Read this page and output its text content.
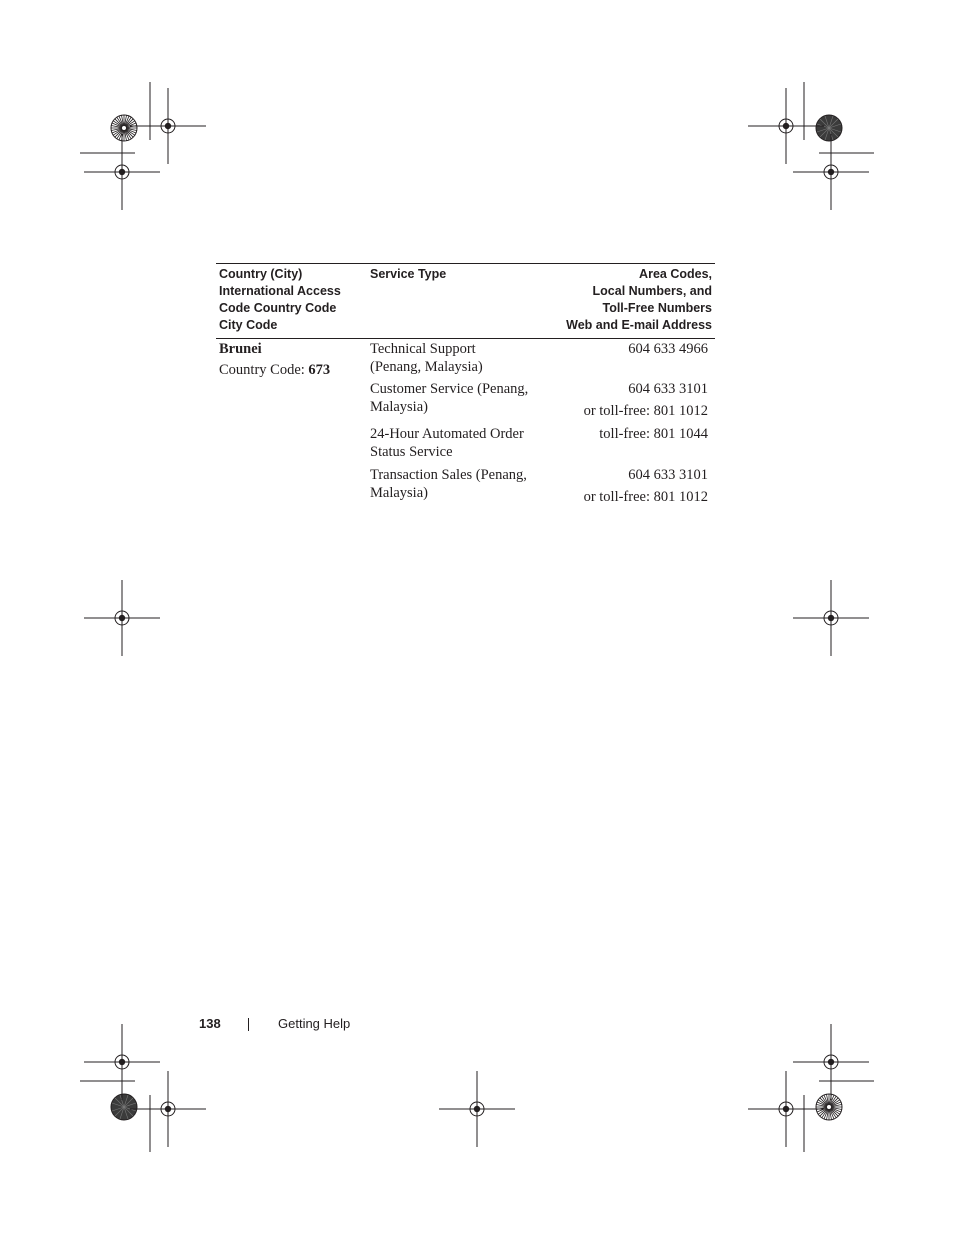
Country (City)
International Access
Code Country Code
City Code
Service Type	Area Codes,
Local Numbers, and
Toll-Free Numbers
Web and E-mail Address
Brunei
Country Code: 673
Technical Support
(Penang, Malaysia)
604 633 4966
Customer Service (Penang,
Malaysia)
604 633 3101
or toll-free: 801 1012
24-Hour Automated Order
Status Service
toll-free: 801 1044
Transaction Sales (Penang,
Malaysia)
604 633 3101
or toll-free: 801 1012
138	Getting Help
